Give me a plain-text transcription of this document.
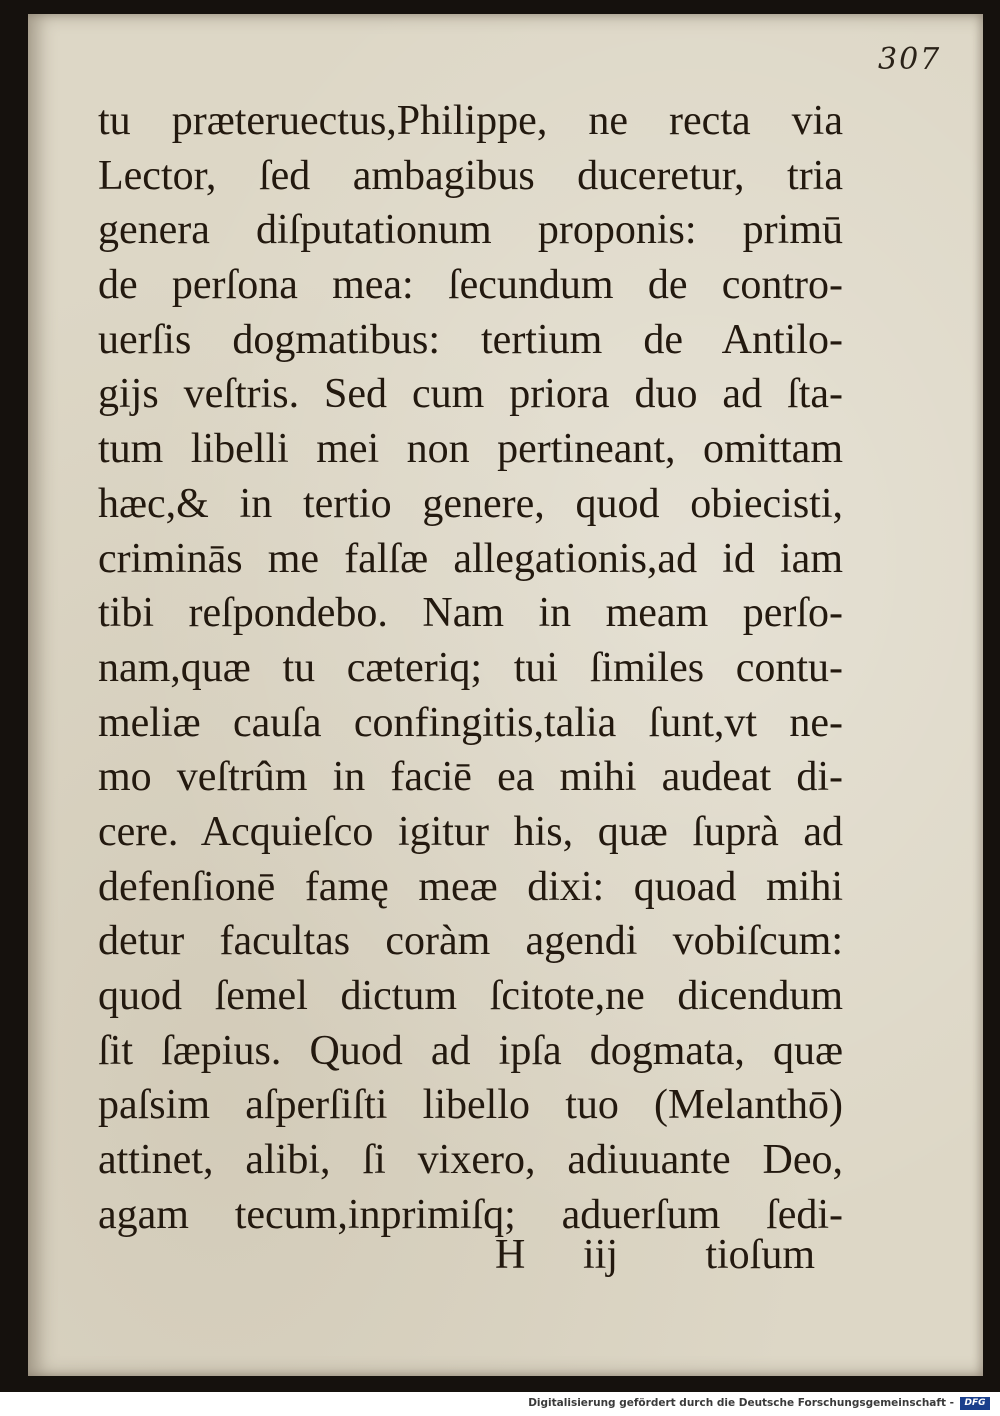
307
tu præteruectus,Philippe, ne recta via
Lector, ſed ambagibus duceretur, tria
genera diſputationum proponis: primū
de perſona mea: ſecundum de contro-
uerſis dogmatibus: tertium de Antilo-
gijs veſtris. Sed cum priora duo ad ſta-
tum libelli mei non pertineant, omittam
hæc,& in tertio genere, quod obiecisti,
criminās me falſæ allegationis,ad id iam
tibi reſpondebo. Nam in meam perſo-
nam,quæ tu cæteriq; tui ſimiles contu-
meliæ cauſa confingitis,talia ſunt,vt ne-
mo veſtrûm in faciē ea mihi audeat di-
cere. Acquieſco igitur his, quæ ſuprà ad
defenſionē famę meæ dixi: quoad mihi
detur facultas coràm agendi vobiſcum:
quod ſemel dictum ſcitote,ne dicendum
ſit ſæpius. Quod ad ipſa dogmata, quæ
paſsim aſperſiſti libello tuo (Melanthō)
attinet, alibi, ſi vixero, adiuuante Deo,
agam tecum,inprimiſq; aduerſum ſedi-
H iij tioſum
Digitalisierung gefördert durch die Deutsche Forschungsgemeinschaft -	DFG
